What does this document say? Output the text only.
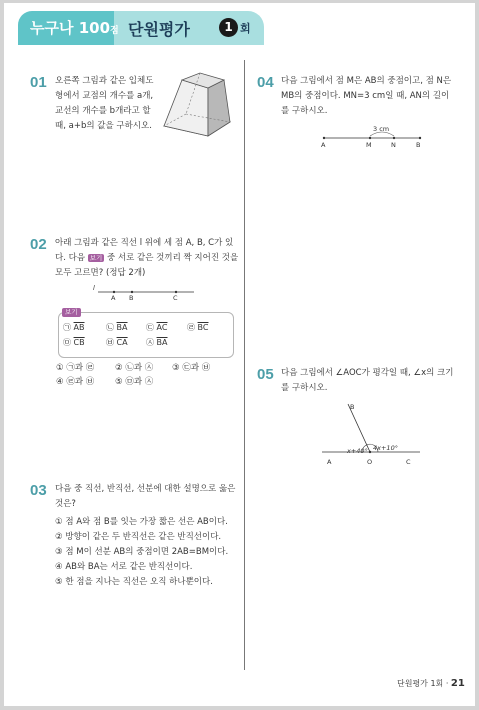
누구나 100점 단원평가	1 회
01 오른쪽 그림과 같은 입체도
형에서 교점의 개수를 a개,
교선의 개수를 b개라고 할
때, a+b의 값을 구하시오.
02 아래 그림과 같은 직선 l 위에 세 점 A, B, C가 있
다. 다음 보기 중 서로 같은 것끼리 짝 지어진 것을
모두 고르면? (정답 2개)
l
A B	C
보기
㉠ $\overline{AB}$	㉡ $\overline{BA}$ ㉢ $\overline{AC}$ ㉣ $\overline{BC}$
㉤ $\overline{CB}$	㉥ $\overline{CA}$ ㉦ $\overline{BA}$
① ㉠과 ㉣ ② ㉡과 ㉦ ③ ㉢과 ㉥
④ ㉣과 ㉥ ⑤ ㉤과 ㉦
03 다음 중 직선, 반직선, 선분에 대한 설명으로 옳은
것은?
① 점 A와 점 B를 잇는 가장 짧은 선은 AB이다.
② 방향이 같은 두 반직선은 같은 반직선이다.
③ 점 M이 선분 AB의 중점이면 2AB=BM이다.
④ AB와 BA는 서로 같은 반직선이다.
⑤ 한 점을 지나는 직선은 오직 하나뿐이다.
04 다음 그림에서 점 M은 AB의 중점이고, 점 N은
MB의 중점이다. MN=3 cm일 때, AN의 길이
를 구하시오.
3 cm
A	M	N	B
05 다음 그림에서 ∠AOC가 평각일 때, ∠x의 크기
를 구하시오.
B
x+40° 4x+10°
A	O	C
단원평가 1회 · 21
